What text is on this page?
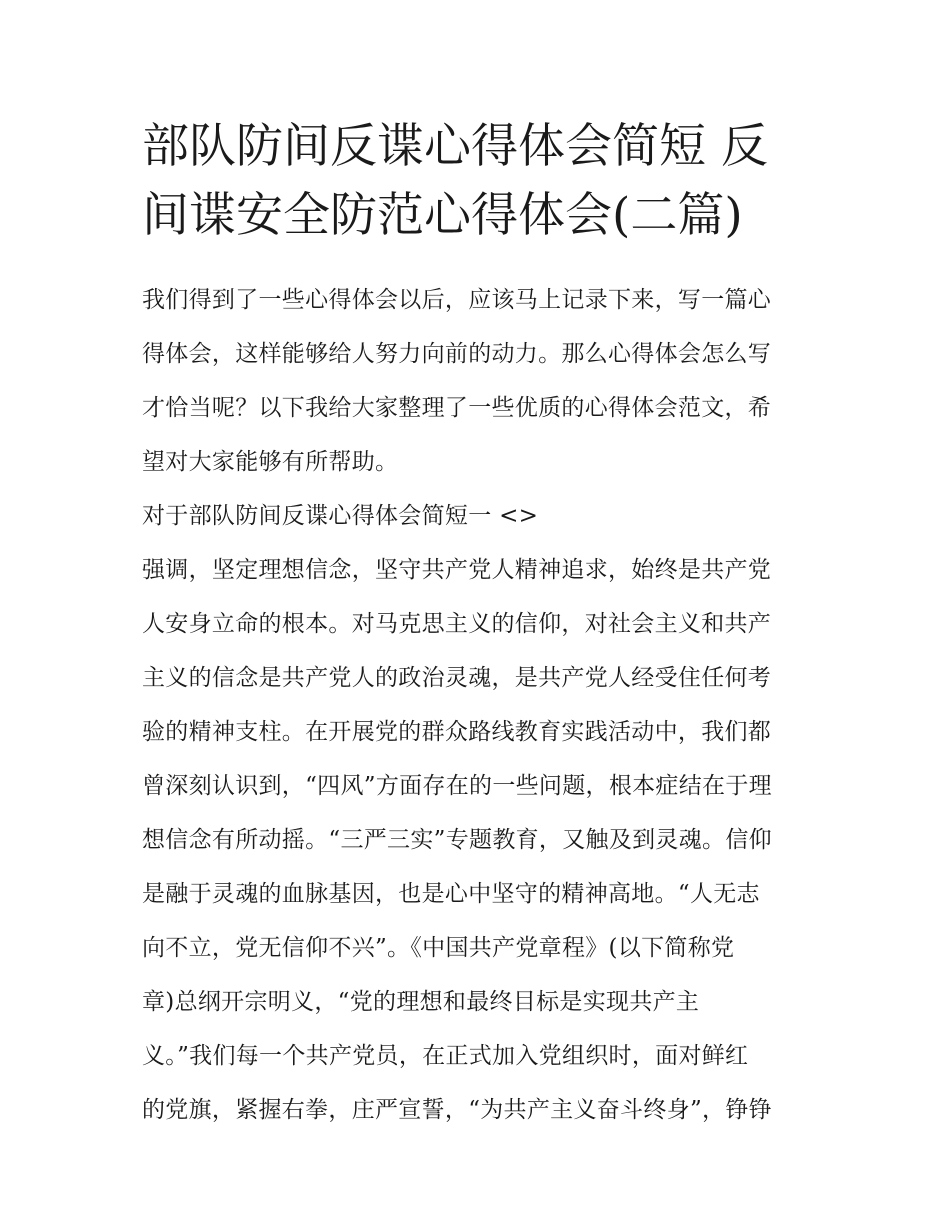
部队防间反谍心得体会简短 反
间谍安全防范心得体会(二篇)

我们得到了一些心得体会以后，应该马上记录下来，写一篇心

得体会，这样能够给人努力向前的动力。那么心得体会怎么写

才恰当呢？以下我给大家整理了一些优质的心得体会范文，希

望对大家能够有所帮助。

对于部队防间反谍心得体会简短一 <>

强调，坚定理想信念，坚守共产党人精神追求，始终是共产党

人安身立命的根本。对马克思主义的信仰，对社会主义和共产

主义的信念是共产党人的政治灵魂，是共产党人经受住任何考

验的精神支柱。在开展党的群众路线教育实践活动中，我们都

曾深刻认识到，“四风”方面存在的一些问题，根本症结在于理

想信念有所动摇。“三严三实”专题教育，又触及到灵魂。信仰

是融于灵魂的血脉基因，也是心中坚守的精神高地。“人无志

向不立，党无信仰不兴”。《中国共产党章程》(以下简称党

章)总纲开宗明义，“党的理想和最终目标是实现共产主

义。”我们每一个共产党员，在正式加入党组织时，面对鲜红

的党旗，紧握右拳，庄严宣誓，“为共产主义奋斗终身”，铮铮
